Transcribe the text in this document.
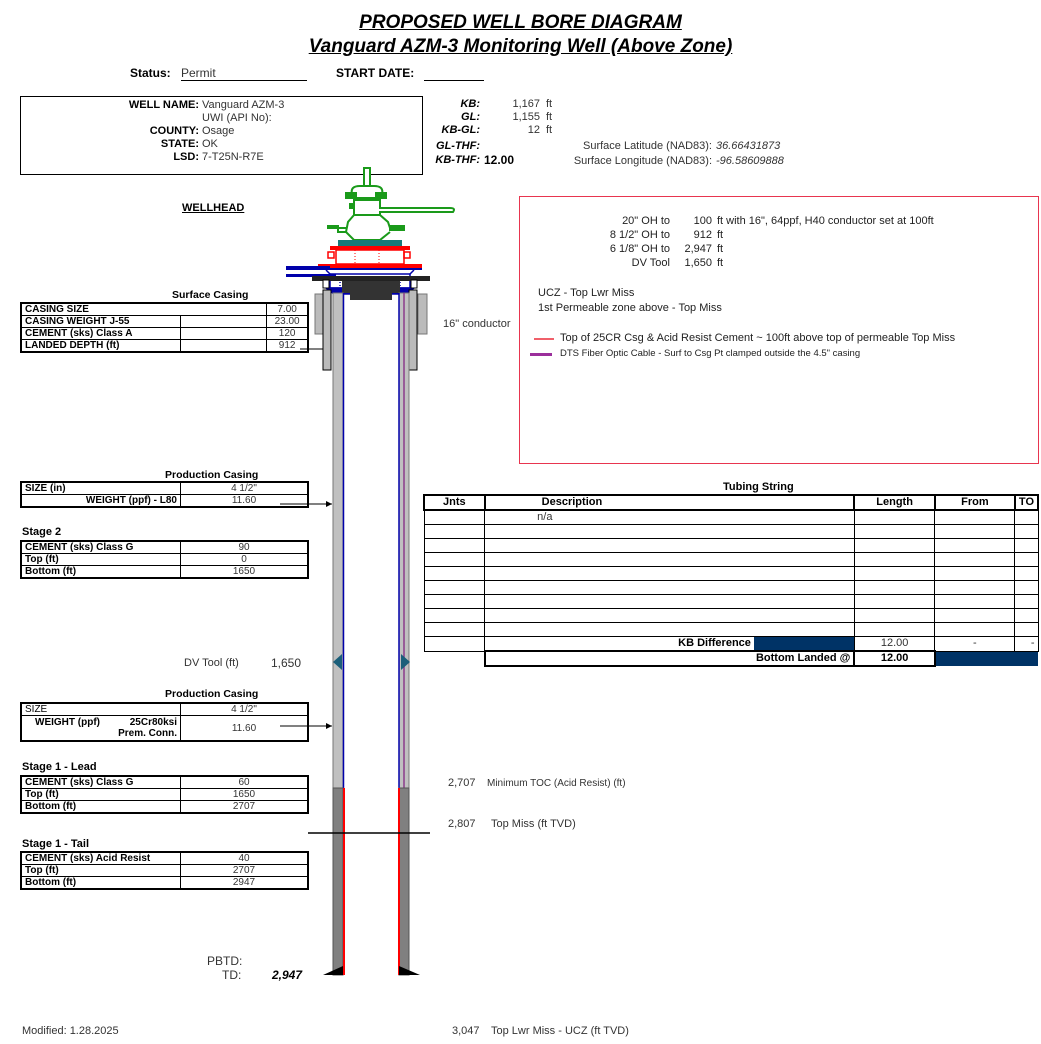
PROPOSED WELL BORE DIAGRAM
Vanguard AZM-3 Monitoring Well (Above Zone)
Status: Permit	START DATE:
WELL NAME: Vanguard AZM-3
UWI (API No):
COUNTY: Osage
STATE: OK
LSD: 7-T25N-R7E
KB:	1,167 ft
GL:	1,155 ft
KB-GL:	12 ft
GL-THF:
KB-THF: 12.00
Surface Latitude (NAD83): 36.66431873
Surface Longitude (NAD83): -96.58609888
WELLHEAD
16" conductor
Surface Casing
CASING SIZE		7.00
CASING WEIGHT J-55		23.00
CEMENT (sks) Class A		120
LANDED DEPTH (ft)		912
Production Casing
SIZE (in)	4 1/2"
WEIGHT (ppf) - L80	11.60
Stage 2
CEMENT (sks) Class G	90
Top (ft)	0
Bottom (ft)	1650
DV Tool (ft)	1,650
Production Casing
SIZE	4 1/2"
WEIGHT (ppf) 25Cr80ksi

Prem. Conn.	11.60
Stage 1 - Lead
CEMENT (sks) Class G	60
Top (ft)	1650
Bottom (ft)	2707
Stage 1 - Tail
CEMENT (sks) Acid Resist	40
Top (ft)	2707
Bottom (ft)	2947
PBTD:
TD:	2,947
20" OH to	100 ft with 16", 64ppf, H40 conductor set at 100ft
8 1/2" OH to	912 ft
6 1/8" OH to	2,947 ft
DV Tool	1,650 ft
UCZ - Top Lwr Miss
1st Permeable zone above - Top Miss
Top of 25CR Csg & Acid Resist Cement ~ 100ft above top of permeable Top Miss
DTS Fiber Optic Cable - Surf to Csg Pt clamped outside the 4.5" casing
Tubing String
Jnts	Description	Length	From	TO
	n/a			

	KB Difference	12.00	-	-
	Bottom Landed @	12.00		
2,707 Minimum TOC (Acid Resist) (ft)
2,807 Top Miss (ft TVD)
3,047 Top Lwr Miss - UCZ (ft TVD)
Modified: 1.28.2025
